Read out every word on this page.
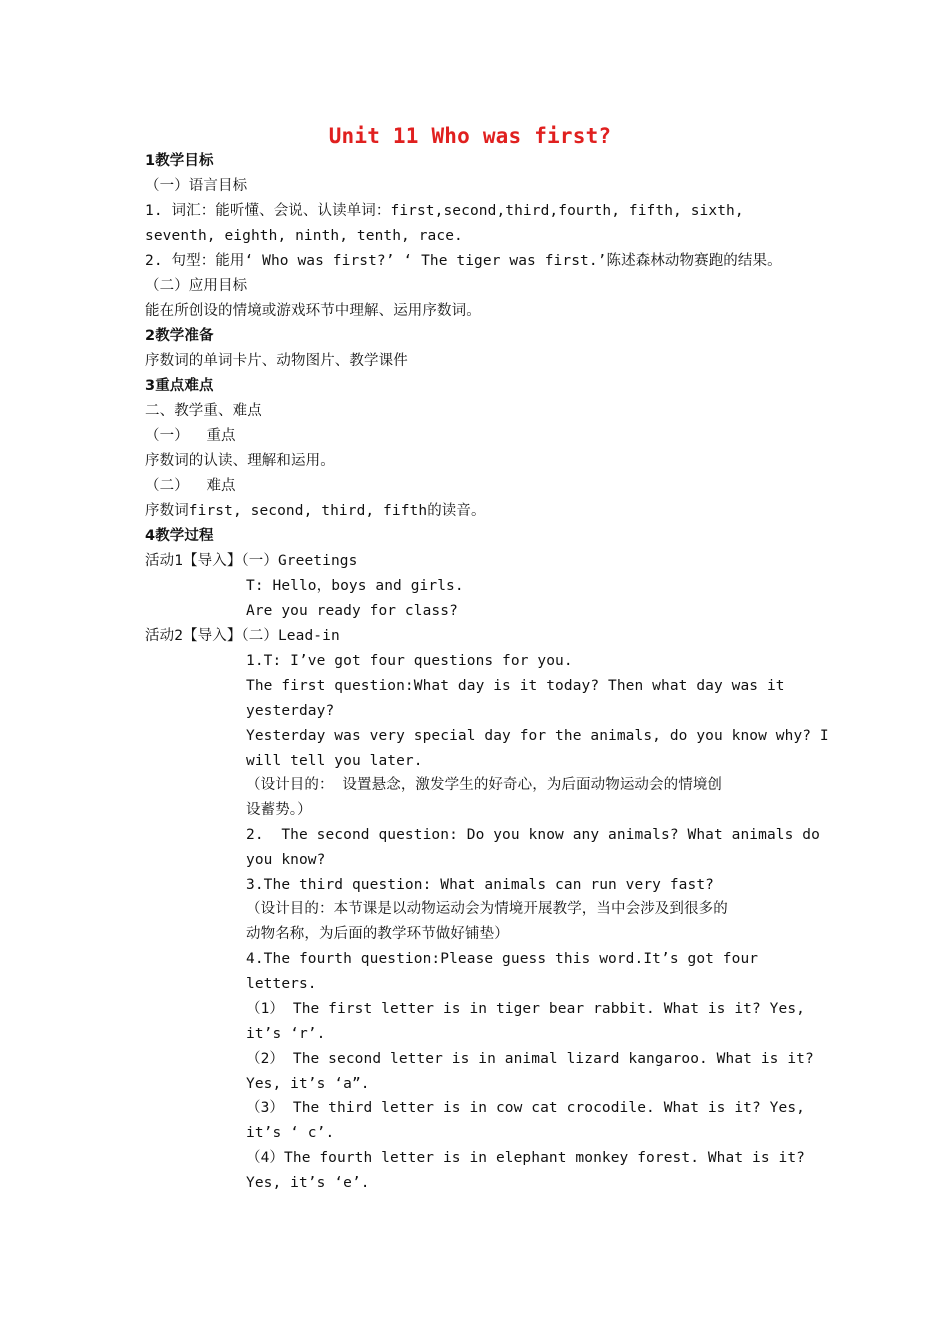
Unit 11 Who was first?
1教学目标
（一）语言目标
1. 词汇：能听懂、会说、认读单词：first,second,third,fourth, fifth, sixth,
seventh, eighth, ninth, tenth, race.
2. 句型：能用‘ Who was first?’ ‘ The tiger was first.’陈述森林动物赛跑的结果。
（二）应用目标
能在所创设的情境或游戏环节中理解、运用序数词。
2教学准备
序数词的单词卡片、动物图片、教学课件
3重点难点
二、教学重、难点
（一）  重点
序数词的认读、理解和运用。
（二）  难点
序数词first, second, third, fifth的读音。
4教学过程
活动1【导入】（一）Greetings
T: Hello，boys and girls.
Are you ready for class?
活动2【导入】（二）Lead-in
1.T: I’ve got four questions for you.
The first question:What day is it today? Then what day was it
yesterday?
Yesterday was very special day for the animals, do you know why? I
will tell you later.
（设计目的： 设置悬念，激发学生的好奇心，为后面动物运动会的情境创
设蓄势。）
2.  The second question: Do you know any animals? What animals do
you know?
3.The third question: What animals can run very fast?
（设计目的：本节课是以动物运动会为情境开展教学，当中会涉及到很多的
动物名称，为后面的教学环节做好铺垫）
4.The fourth question:Please guess this word.It’s got four
letters.
（1） The first letter is in tiger bear rabbit. What is it? Yes,
it’s ‘r’.
（2） The second letter is in animal lizard kangaroo. What is it?
Yes, it’s ‘a”.
（3） The third letter is in cow cat crocodile. What is it? Yes,
it’s ‘ c’.
（4）The fourth letter is in elephant monkey forest. What is it?
Yes, it’s ‘e’.
